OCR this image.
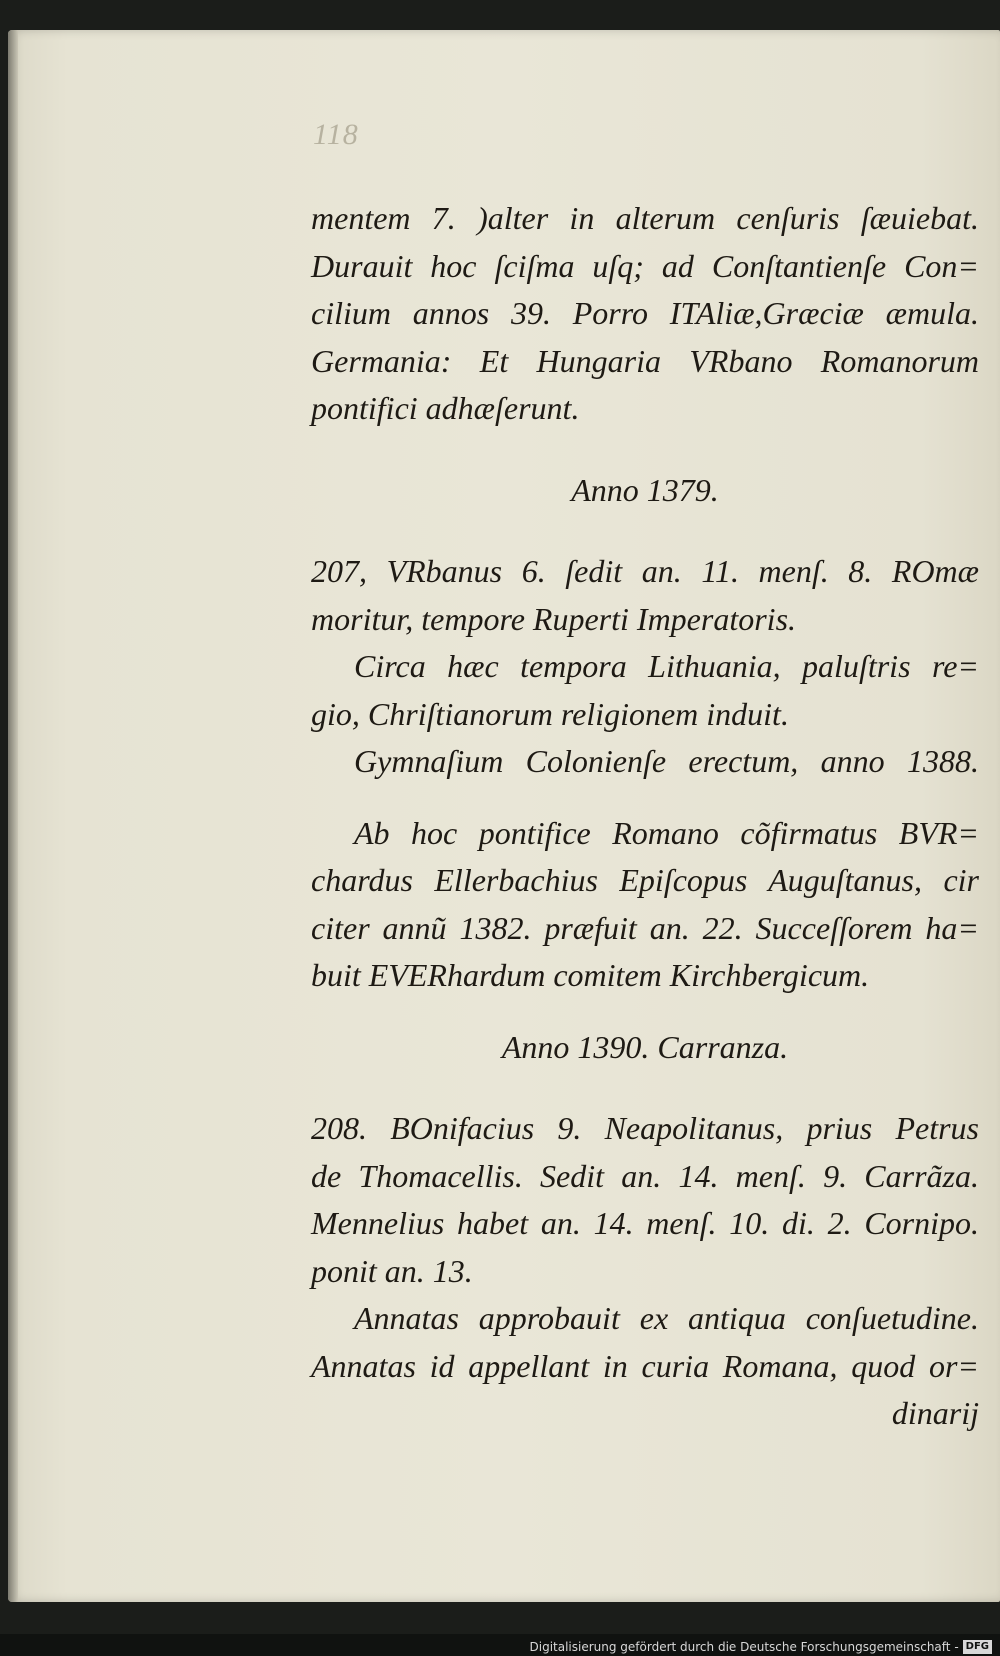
118
mentem 7. )alter in alterum cenſuris ſæuiebat.
Durauit hoc ſciſma uſq; ad Conſtantienſe Con=
cilium annos 39. Porro ITAliæ,Græciæ æmula.
Germania: Et Hungaria VRbano Romanorum
pontifici adhæſerunt.
Anno 1379.
207, VRbanus 6. ſedit an. 11. menſ. 8. ROmæ
moritur, tempore Ruperti Imperatoris.
Circa hæc tempora Lithuania, paluſtris re=
gio, Chriſtianorum religionem induit.
Gymnaſium Colonienſe erectum, anno 1388.
Ab hoc pontifice Romano cõfirmatus BVR=
chardus Ellerbachius Epiſcopus Auguſtanus, cir
citer annũ 1382. præfuit an. 22. Succeſſorem ha=
buit EVERhardum comitem Kirchbergicum.
Anno 1390. Carranza.
208. BOnifacius 9. Neapolitanus, prius Petrus
de Thomacellis. Sedit an. 14. menſ. 9. Carrãza.
Mennelius habet an. 14. menſ. 10. di. 2. Cornipo.
ponit an. 13.
Annatas approbauit ex antiqua conſuetudine.
Annatas id appellant in curia Romana, quod or=
dinarij
Digitalisierung gefördert durch die Deutsche Forschungsgemeinschaft - DFG
